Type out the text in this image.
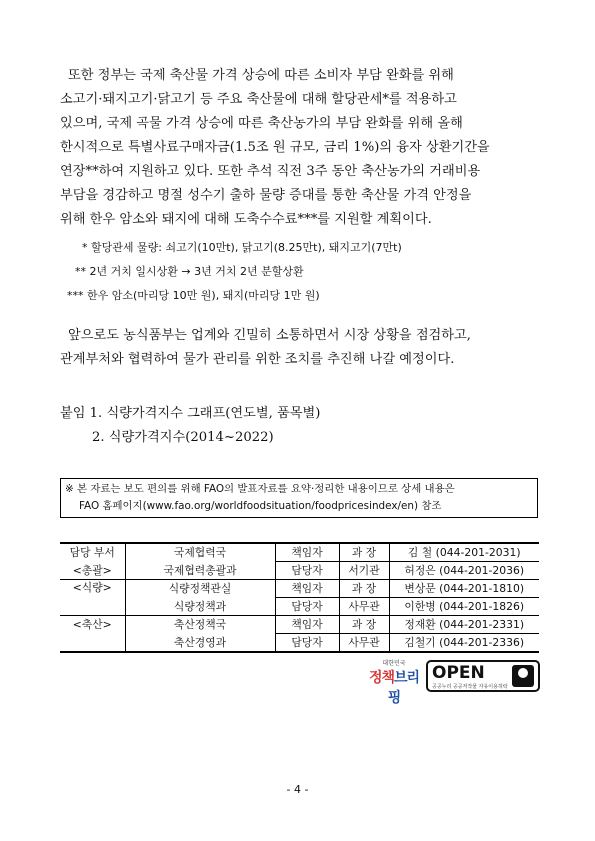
또한 정부는 국제 축산물 가격 상승에 따른 소비자 부담 완화를 위해

소고기·돼지고기·닭고기 등 주요 축산물에 대해 할당관세*를 적용하고

있으며, 국제 곡물 가격 상승에 따른 축산농가의 부담 완화를 위해 올해

한시적으로 특별사료구매자금(1.5조 원 규모, 금리 1%)의 융자 상환기간을

연장**하여 지원하고 있다. 또한 추석 직전 3주 동안 축산농가의 거래비용

부담을 경감하고 명절 성수기 출하 물량 증대를 통한 축산물 가격 안정을

위해 한우 암소와 돼지에 대해 도축수수료***를 지원할 계획이다.

* 할당관세 물량: 쇠고기(10만t), 닭고기(8.25만t), 돼지고기(7만t)
** 2년 거치 일시상환 → 3년 거치 2년 분할상환
*** 한우 암소(마리당 10만 원), 돼지(마리당 1만 원)

앞으로도 농식품부는 업계와 긴밀히 소통하면서 시장 상황을 점검하고,

관계부처와 협력하여 물가 관리를 위한 조치를 추진해 나갈 예정이다.

붙임 1. 식량가격지수 그래프(연도별, 품목별)
2. 식량가격지수(2014~2022)
※ 본 자료는 보도 편의를 위해 FAO의 발표자료를 요약·정리한 내용이므로 상세 내용은
FAO 홈페이지(www.fao.org/worldfoodsituation/foodpricesindex/en) 참조
담당 부서	국제협력국	책임자	과 장	김 철 (044-201-2031)
<총괄>	국제협력총괄과	담당자	서기관	허정은 (044-201-2036)
<식량>	식량정책관실	책임자	과 장	변상문 (044-201-1810)
	식량정책과	담당자	사무관	이한병 (044-201-1826)
<축산>	축산정책국	책임자	과 장	정재환 (044-201-2331)
	축산경영과	담당자	사무관	김철기 (044-201-2336)
대한민국
정책브리핑
OPEN
공공누리 공공저작물 자유이용허락
- 4 -
